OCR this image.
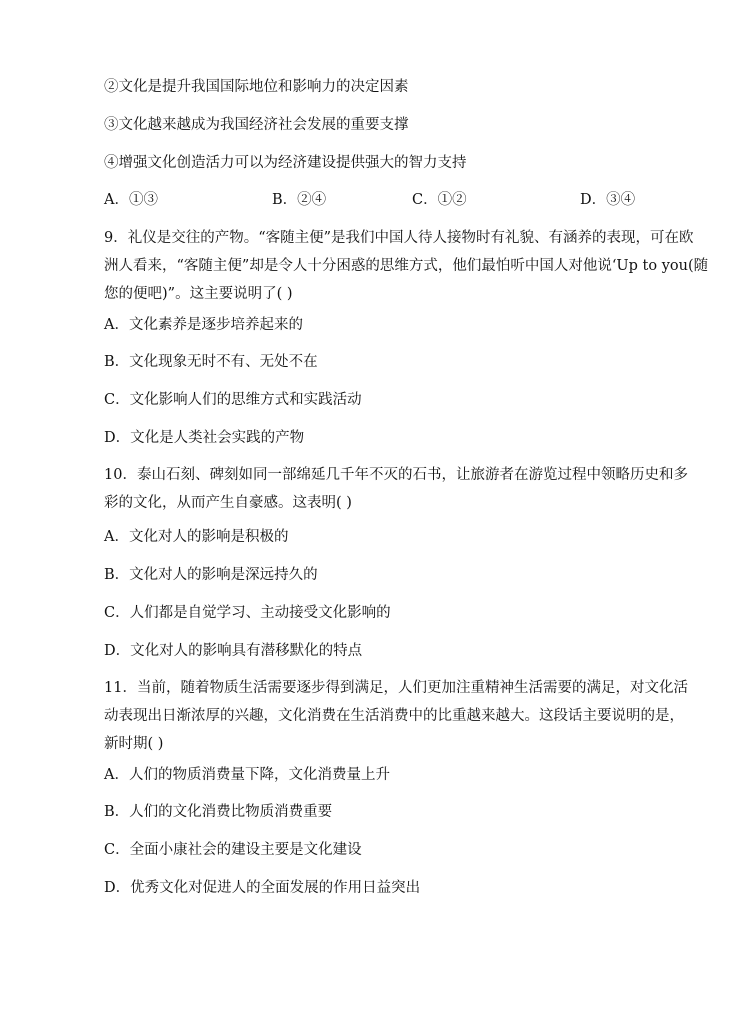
②文化是提升我国国际地位和影响力的决定因素
③文化越来越成为我国经济社会发展的重要支撑
④增强文化创造活力可以为经济建设提供强大的智力支持
A．①③	B．②④	C．①②	D．③④
9．礼仪是交往的产物。“客随主便”是我们中国人待人接物时有礼貌、有涵养的表现，可在欧
洲人看来，“客随主便”却是令人十分困惑的思维方式，他们最怕听中国人对他说‘Up to you(随
您的便吧)”。这主要说明了( )
A．文化素养是逐步培养起来的
B．文化现象无时不有、无处不在
C．文化影响人们的思维方式和实践活动
D．文化是人类社会实践的产物
10．泰山石刻、碑刻如同一部绵延几千年不灭的石书，让旅游者在游览过程中领略历史和多
彩的文化，从而产生自豪感。这表明( )
A．文化对人的影响是积极的
B．文化对人的影响是深远持久的
C．人们都是自觉学习、主动接受文化影响的
D．文化对人的影响具有潜移默化的特点
11．当前，随着物质生活需要逐步得到满足，人们更加注重精神生活需要的满足，对文化活
动表现出日渐浓厚的兴趣，文化消费在生活消费中的比重越来越大。这段话主要说明的是，
新时期( )
A．人们的物质消费量下降，文化消费量上升
B．人们的文化消费比物质消费重要
C．全面小康社会的建设主要是文化建设
D．优秀文化对促进人的全面发展的作用日益突出
